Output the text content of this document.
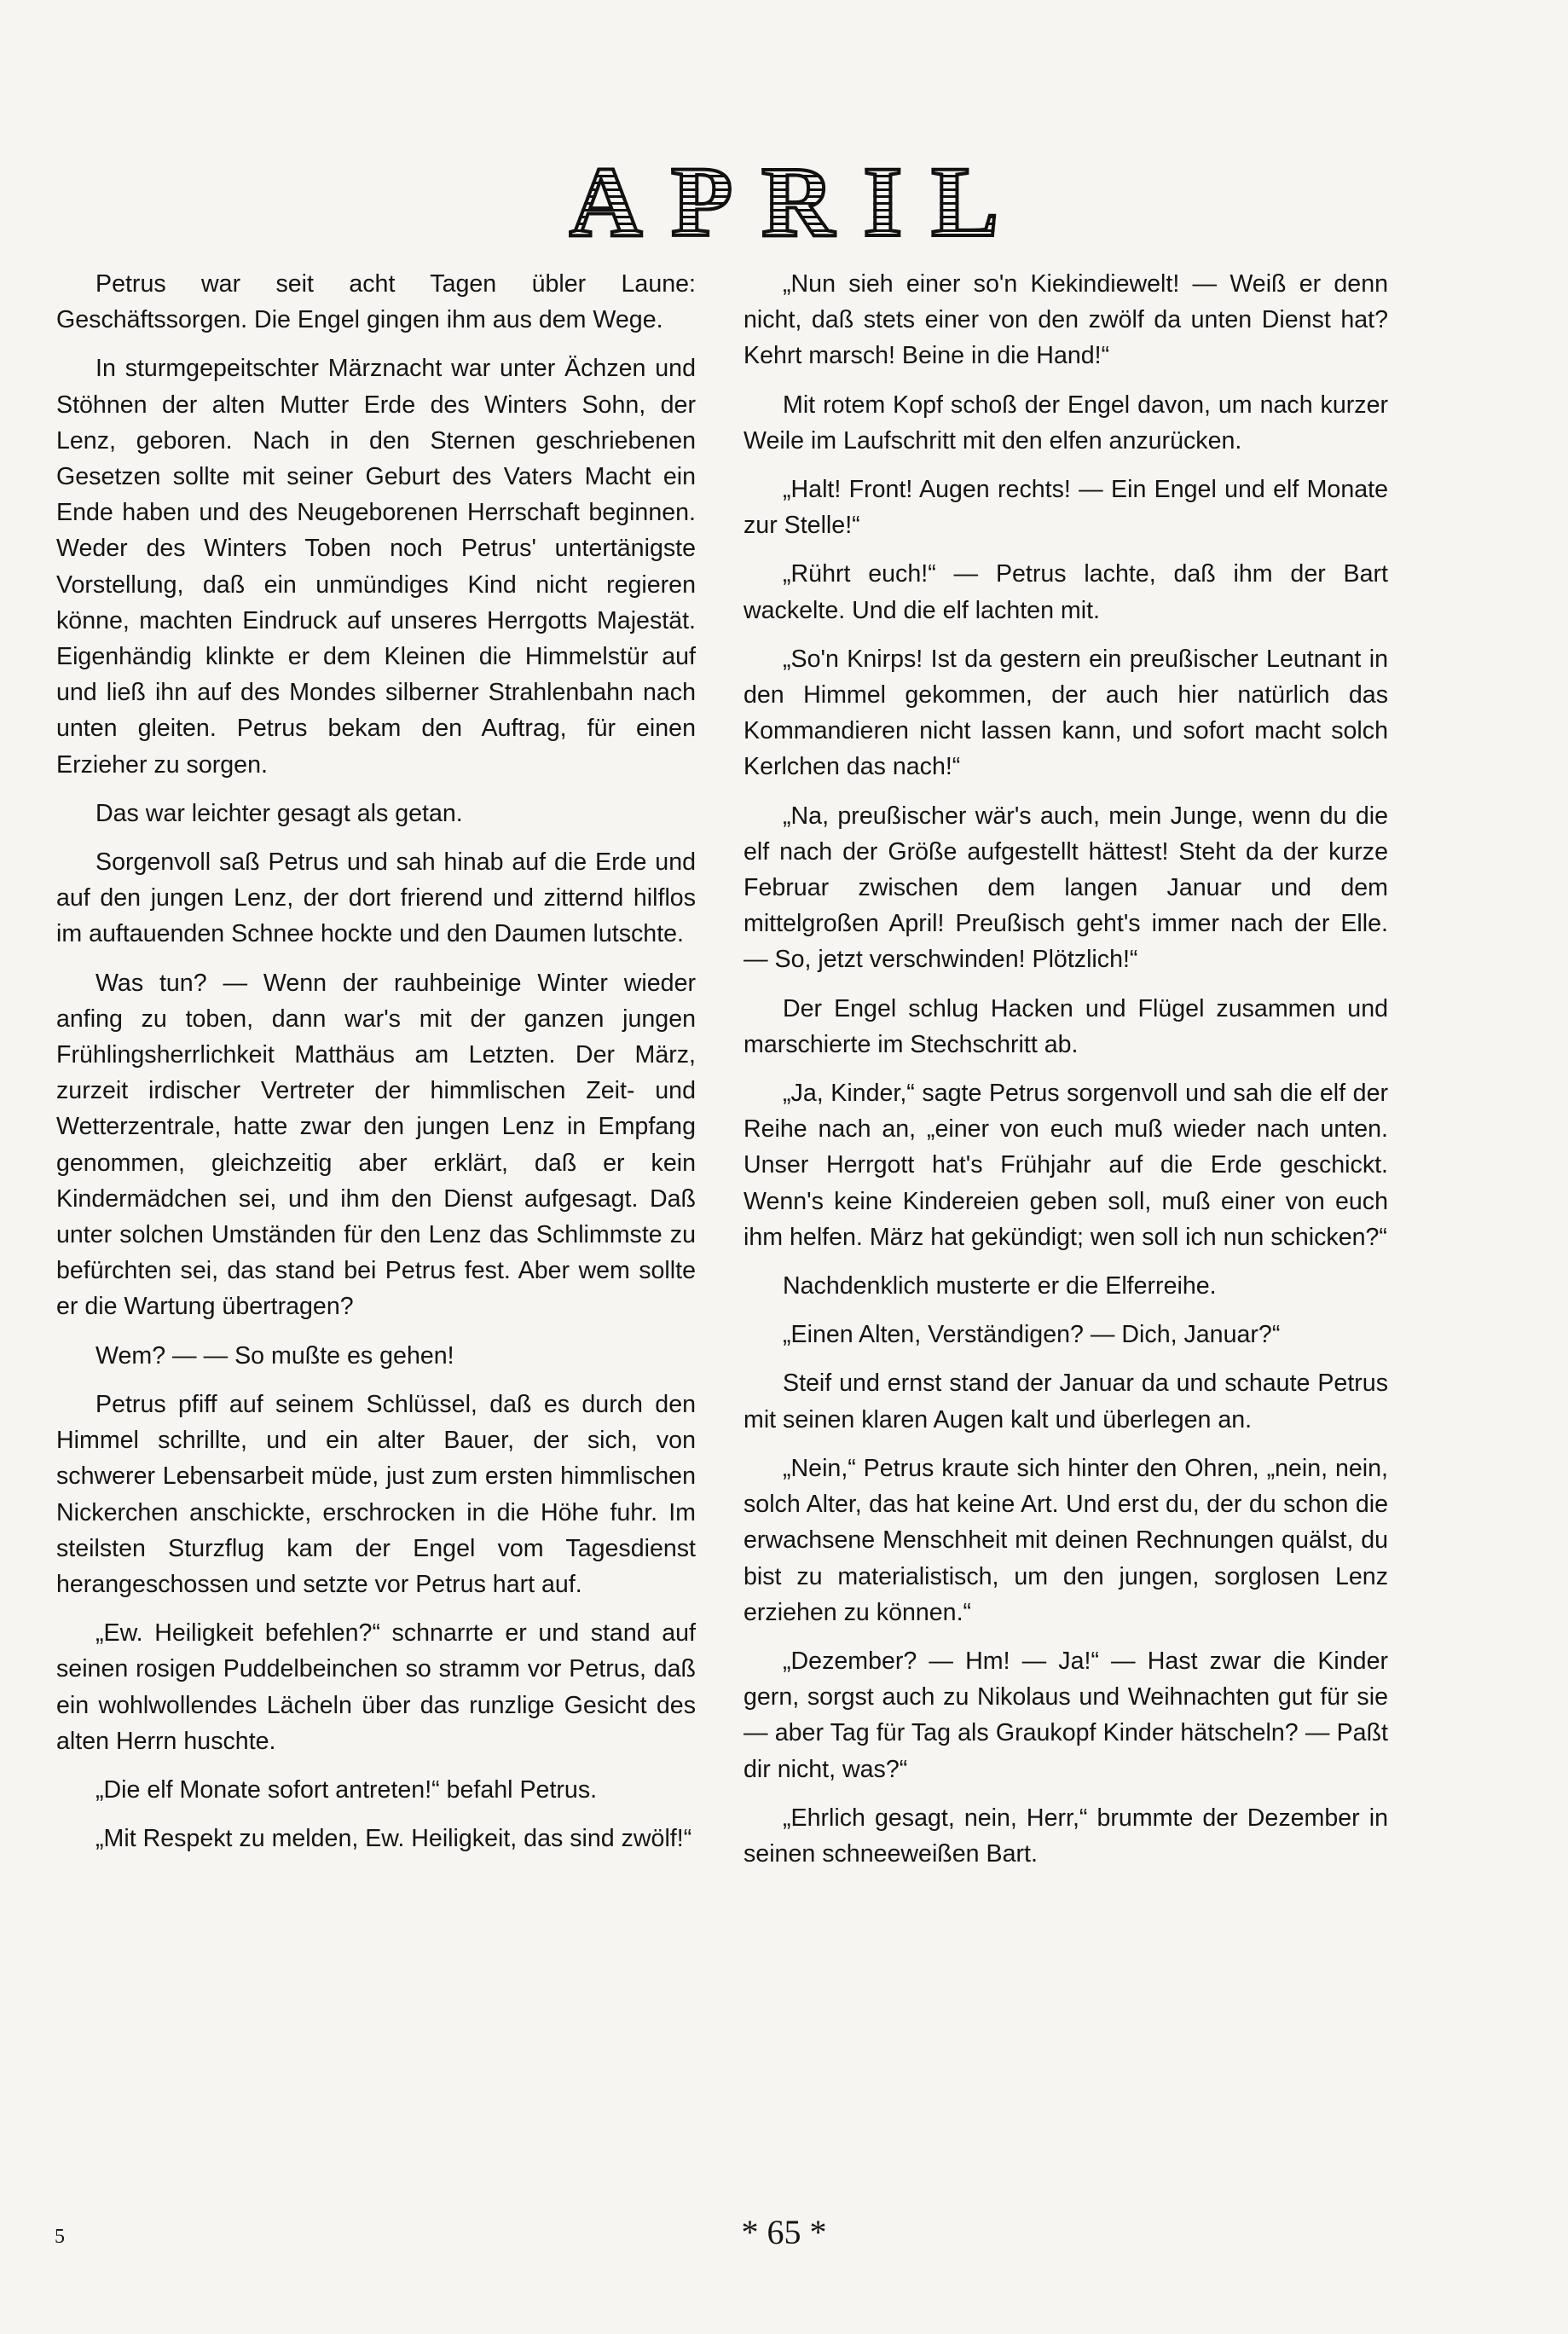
APRIL

Petrus war seit acht Tagen übler Laune: Geschäftssorgen. Die Engel gingen ihm aus dem Wege.

In sturmgepeitschter Märznacht war unter Ächzen und Stöhnen der alten Mutter Erde des Winters Sohn, der Lenz, geboren. Nach in den Sternen geschriebenen Gesetzen sollte mit seiner Geburt des Vaters Macht ein Ende haben und des Neugeborenen Herrschaft beginnen. Weder des Winters Toben noch Petrus' untertänigste Vorstellung, daß ein unmündiges Kind nicht regieren könne, machten Eindruck auf unseres Herrgotts Majestät. Eigenhändig klinkte er dem Kleinen die Himmelstür auf und ließ ihn auf des Mondes silberner Strahlenbahn nach unten gleiten. Petrus bekam den Auftrag, für einen Erzieher zu sorgen.

Das war leichter gesagt als getan.

Sorgenvoll saß Petrus und sah hinab auf die Erde und auf den jungen Lenz, der dort frierend und zitternd hilflos im auftauenden Schnee hockte und den Daumen lutschte.

Was tun? — Wenn der rauhbeinige Winter wieder anfing zu toben, dann war's mit der ganzen jungen Frühlingsherrlichkeit Matthäus am Letzten. Der März, zurzeit irdischer Vertreter der himmlischen Zeit- und Wetterzentrale, hatte zwar den jungen Lenz in Empfang genommen, gleichzeitig aber erklärt, daß er kein Kindermädchen sei, und ihm den Dienst aufgesagt. Daß unter solchen Umständen für den Lenz das Schlimmste zu befürchten sei, das stand bei Petrus fest. Aber wem sollte er die Wartung übertragen?

Wem? — — So mußte es gehen!

Petrus pfiff auf seinem Schlüssel, daß es durch den Himmel schrillte, und ein alter Bauer, der sich, von schwerer Lebensarbeit müde, just zum ersten himmlischen Nickerchen anschickte, erschrocken in die Höhe fuhr. Im steilsten Sturzflug kam der Engel vom Tagesdienst herangeschossen und setzte vor Petrus hart auf.

„Ew. Heiligkeit befehlen?“ schnarrte er und stand auf seinen rosigen Puddelbeinchen so stramm vor Petrus, daß ein wohlwollendes Lächeln über das runzlige Gesicht des alten Herrn huschte.

„Die elf Monate sofort antreten!“ befahl Petrus.

„Mit Respekt zu melden, Ew. Heiligkeit, das sind zwölf!“

„Nun sieh einer so'n Kiekindiewelt! — Weiß er denn nicht, daß stets einer von den zwölf da unten Dienst hat? Kehrt marsch! Beine in die Hand!“

Mit rotem Kopf schoß der Engel davon, um nach kurzer Weile im Laufschritt mit den elfen anzurücken.

„Halt! Front! Augen rechts! — Ein Engel und elf Monate zur Stelle!“

„Rührt euch!“ — Petrus lachte, daß ihm der Bart wackelte. Und die elf lachten mit.

„So'n Knirps! Ist da gestern ein preußischer Leutnant in den Himmel gekommen, der auch hier natürlich das Kommandieren nicht lassen kann, und sofort macht solch Kerlchen das nach!“

„Na, preußischer wär's auch, mein Junge, wenn du die elf nach der Größe aufgestellt hättest! Steht da der kurze Februar zwischen dem langen Januar und dem mittelgroßen April! Preußisch geht's immer nach der Elle. — So, jetzt verschwinden! Plötzlich!“

Der Engel schlug Hacken und Flügel zusammen und marschierte im Stechschritt ab.

„Ja, Kinder,“ sagte Petrus sorgenvoll und sah die elf der Reihe nach an, „einer von euch muß wieder nach unten. Unser Herrgott hat's Frühjahr auf die Erde geschickt. Wenn's keine Kindereien geben soll, muß einer von euch ihm helfen. März hat gekündigt; wen soll ich nun schicken?“

Nachdenklich musterte er die Elferreihe.

„Einen Alten, Verständigen? — Dich, Januar?“

Steif und ernst stand der Januar da und schaute Petrus mit seinen klaren Augen kalt und überlegen an.

„Nein,“ Petrus kraute sich hinter den Ohren, „nein, nein, solch Alter, das hat keine Art. Und erst du, der du schon die erwachsene Menschheit mit deinen Rechnungen quälst, du bist zu materialistisch, um den jungen, sorglosen Lenz erziehen zu können.“

„Dezember? — Hm! — Ja!“ — Hast zwar die Kinder gern, sorgst auch zu Nikolaus und Weihnachten gut für sie — aber Tag für Tag als Graukopf Kinder hätscheln? — Paßt dir nicht, was?“

„Ehrlich gesagt, nein, Herr,“ brummte der Dezember in seinen schneeweißen Bart.

5	* 65 *
